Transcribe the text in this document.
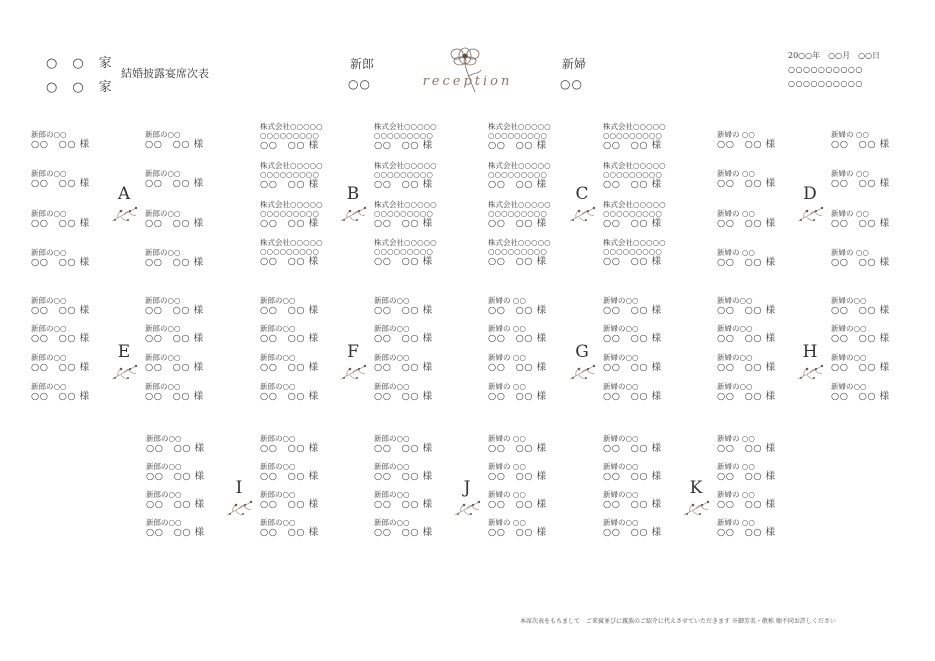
○　○　家
○　○　家
結婚披露宴席次表
新郎
○○
新婦
○○
reception
20○○年　○○月　○○日
○○○○○○○○○○
○○○○○○○○○○
新郎の○○
○○　○○ 様
新郎の○○
○○　○○ 様
新郎の○○
○○　○○ 様
新郎の○○
○○　○○ 様
新郎の○○
○○　○○ 様
新郎の○○
○○　○○ 様
新郎の○○
○○　○○ 様
新郎の○○
○○　○○ 様
A
株式会社○○○○○
○○○○○○○○○
○○　○○ 様
株式会社○○○○○
○○○○○○○○○
○○　○○ 様
株式会社○○○○○
○○○○○○○○○
○○　○○ 様
株式会社○○○○○
○○○○○○○○○
○○　○○ 様
株式会社○○○○○
○○○○○○○○○
○○　○○ 様
株式会社○○○○○
○○○○○○○○○
○○　○○ 様
株式会社○○○○○
○○○○○○○○○
○○　○○ 様
株式会社○○○○○
○○○○○○○○○
○○　○○ 様
B
株式会社○○○○○
○○○○○○○○○
○○　○○ 様
株式会社○○○○○
○○○○○○○○○
○○　○○ 様
株式会社○○○○○
○○○○○○○○○
○○　○○ 様
株式会社○○○○○
○○○○○○○○○
○○　○○ 様
株式会社○○○○○
○○○○○○○○○
○○　○○ 様
株式会社○○○○○
○○○○○○○○○
○○　○○ 様
株式会社○○○○○
○○○○○○○○○
○○　○○ 様
株式会社○○○○○
○○○○○○○○○
○○　○○ 様
C
新婦の ○○
○○　○○ 様
新婦の ○○
○○　○○ 様
新婦の ○○
○○　○○ 様
新婦の ○○
○○　○○ 様
新婦の ○○
○○　○○ 様
新婦の ○○
○○　○○ 様
新婦の ○○
○○　○○ 様
新婦の ○○
○○　○○ 様
D
新郎の○○
○○　○○ 様
新郎の○○
○○　○○ 様
新郎の○○
○○　○○ 様
新郎の○○
○○　○○ 様
新郎の○○
○○　○○ 様
新郎の○○
○○　○○ 様
新郎の○○
○○　○○ 様
新郎の○○
○○　○○ 様
E
新郎の○○
○○　○○ 様
新郎の○○
○○　○○ 様
新郎の○○
○○　○○ 様
新郎の○○
○○　○○ 様
新郎の○○
○○　○○ 様
新郎の○○
○○　○○ 様
新郎の○○
○○　○○ 様
新郎の○○
○○　○○ 様
F
新婦の ○○
○○　○○ 様
新婦の○○
○○　○○ 様
新婦の ○○
○○　○○ 様
新婦の○○
○○　○○ 様
新婦の ○○
○○　○○ 様
新婦の○○
○○　○○ 様
新婦の ○○
○○　○○ 様
新婦の○○
○○　○○ 様
G
新婦の○○
○○　○○ 様
新婦の○○
○○　○○ 様
新婦の○○
○○　○○ 様
新婦の○○
○○　○○ 様
新婦の○○
○○　○○ 様
新婦の○○
○○　○○ 様
新婦の○○
○○　○○ 様
新婦の○○
○○　○○ 様
H
新郎の○○
○○　○○ 様
新郎の○○
○○　○○ 様
新郎の○○
○○　○○ 様
新郎の○○
○○　○○ 様
新郎の○○
○○　○○ 様
新郎の○○
○○　○○ 様
新郎の○○
○○　○○ 様
新郎の○○
○○　○○ 様
I
新郎の○○
○○　○○ 様
新婦の ○○
○○　○○ 様
新郎の○○
○○　○○ 様
新婦の ○○
○○　○○ 様
新郎の○○
○○　○○ 様
新婦の ○○
○○　○○ 様
新郎の○○
○○　○○ 様
新婦の ○○
○○　○○ 様
J
新婦の○○
○○　○○ 様
新婦の ○○
○○　○○ 様
新婦の○○
○○　○○ 様
新婦の ○○
○○　○○ 様
新婦の○○
○○　○○ 様
新婦の ○○
○○　○○ 様
新婦の○○
○○　○○ 様
新婦の ○○
○○　○○ 様
K
本席次表をもちまして　ご来賓並びに親族のご紹介に代えさせていただきます ※御芳名・敬称 順不同お許しください
